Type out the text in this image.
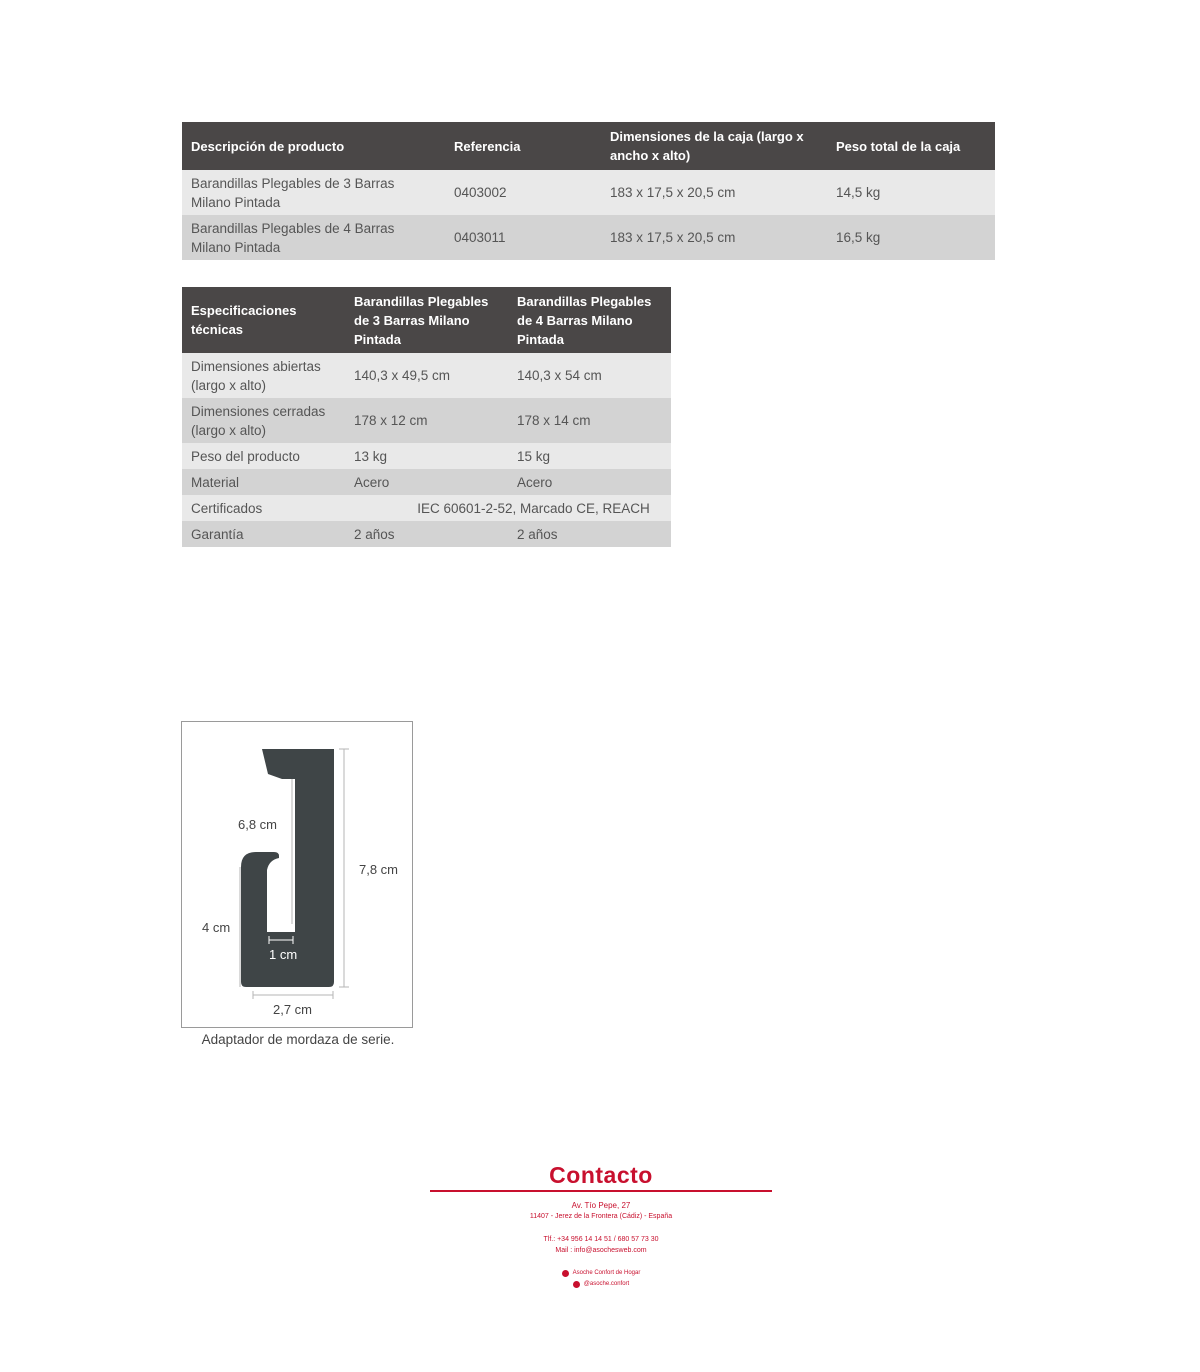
Descripción de producto	Referencia	Dimensiones de la caja (largo x ancho x alto)	Peso total de la caja
Barandillas Plegables de 3 Barras Milano Pintada	0403002	183 x 17,5 x 20,5 cm	14,5 kg
Barandillas Plegables de 4 Barras Milano Pintada	0403011	183 x 17,5 x 20,5 cm	16,5 kg
Especificaciones técnicas	Barandillas Plegables de 3 Barras Milano Pintada	Barandillas Plegables de 4 Barras Milano Pintada
Dimensiones abiertas (largo x alto)	140,3 x 49,5 cm	140,3 x 54 cm
Dimensiones cerradas (largo x alto)	178 x 12 cm	178 x 14 cm
Peso del producto	13 kg	15 kg
Material	Acero	Acero
Certificados	IEC 60601-2-52, Marcado CE, REACH	
Garantía	2 años	2 años
6,8 cm
7,8 cm
4 cm
1 cm
2,7 cm
Adaptador de mordaza de serie.
Contacto
Av. Tío Pepe, 27
11407 - Jerez de la Frontera (Cádiz) - España
Tlf.: +34 956 14 14 51 / 680 57 73 30
Mail : info@asochesweb.com
Asoche Confort de Hogar
@asoche.confort
